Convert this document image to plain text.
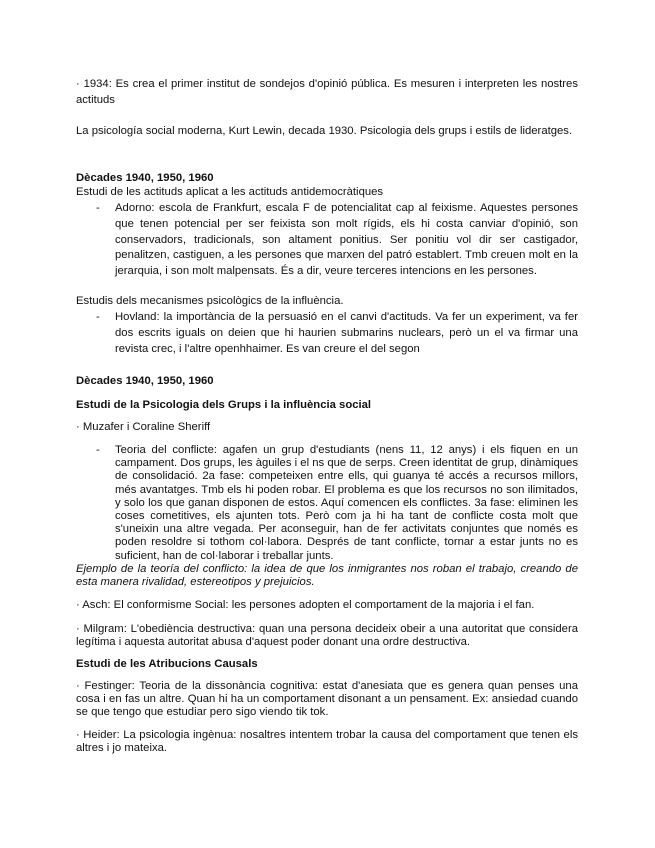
· 1934: Es crea el primer institut de sondejos d'opinió pública. Es mesuren i interpreten les nostres actituds

La psicología social moderna, Kurt Lewin, decada 1930. Psicologia dels grups i estils de lideratges.

Dècades 1940, 1950, 1960
Estudi de les actituds aplicat a les actituds antidemocràtiques
- Adorno: escola de Frankfurt, escala F de potencialitat cap al feixisme. Aquestes persones que tenen potencial per ser feixista son molt rígids, els hi costa canviar d'opinió, son conservadors, tradicionals, son altament ponitius. Ser ponitiu vol dir ser castigador, penalitzen, castiguen, a les persones que marxen del patró establert. Tmb creuen molt en la jerarquia, i son molt malpensats. És a dir, veure terceres intencions en les persones.
Estudis dels mecanismes psicològics de la influència.
- Hovland: la importància de la persuasió en el canvi d'actituds. Va fer un experiment, va fer dos escrits iguals on deien que hi haurien submarins nuclears, però un el va firmar una revista crec, i l'altre openhhaimer. Es van creure el del segon
Dècades 1940, 1950, 1960
Estudi de la Psicologia dels Grups i la influència social
· Muzafer i Coraline Sheriff
- Teoria del conflicte: agafen un grup d'estudiants (nens 11, 12 anys) i els fiquen en un campament. Dos grups, les àguiles i el ns que de serps. Creen identitat de grup, dinàmiques de consolidació. 2a fase: competeixen entre ells, qui guanya té accés a recursos millors, més avantatges. Tmb els hi poden robar. El problema es que los recursos no son ilimitados, y solo los que ganan disponen de estos. Aquí comencen els conflictes. 3a fase: eliminen les coses cometitives, els ajunten tots. Però com ja hi ha tant de conflicte costa molt que s'uneixin una altre vegada. Per aconseguir, han de fer activitats conjuntes que només es poden resoldre si tothom col·labora. Després de tant conflicte, tornar a estar junts no es suficient, han de col·laborar i treballar junts.

Ejemplo de la teoría del conflicto: la idea de que los inmigrantes nos roban el trabajo, creando de esta manera rivalidad, estereotipos y prejuicios.

· Asch: El conformisme Social: les persones adopten el comportament de la majoria i el fan.

· Milgram: L'obediència destructiva: quan una persona decideix obeir a una autoritat que considera legítima i aquesta autoritat abusa d'aquest poder donant una ordre destructiva.

Estudi de les Atribucions Causals

· Festinger: Teoria de la dissonància cognitiva: estat d'anesiata que es genera quan penses una cosa i en fas un altre. Quan hi ha un comportament disonant a un pensament. Ex: ansiedad cuando se que tengo que estudiar pero sigo viendo tik tok.

· Heider: La psicologia ingènua: nosaltres intentem trobar la causa del comportament que tenen els altres i jo mateixa.
